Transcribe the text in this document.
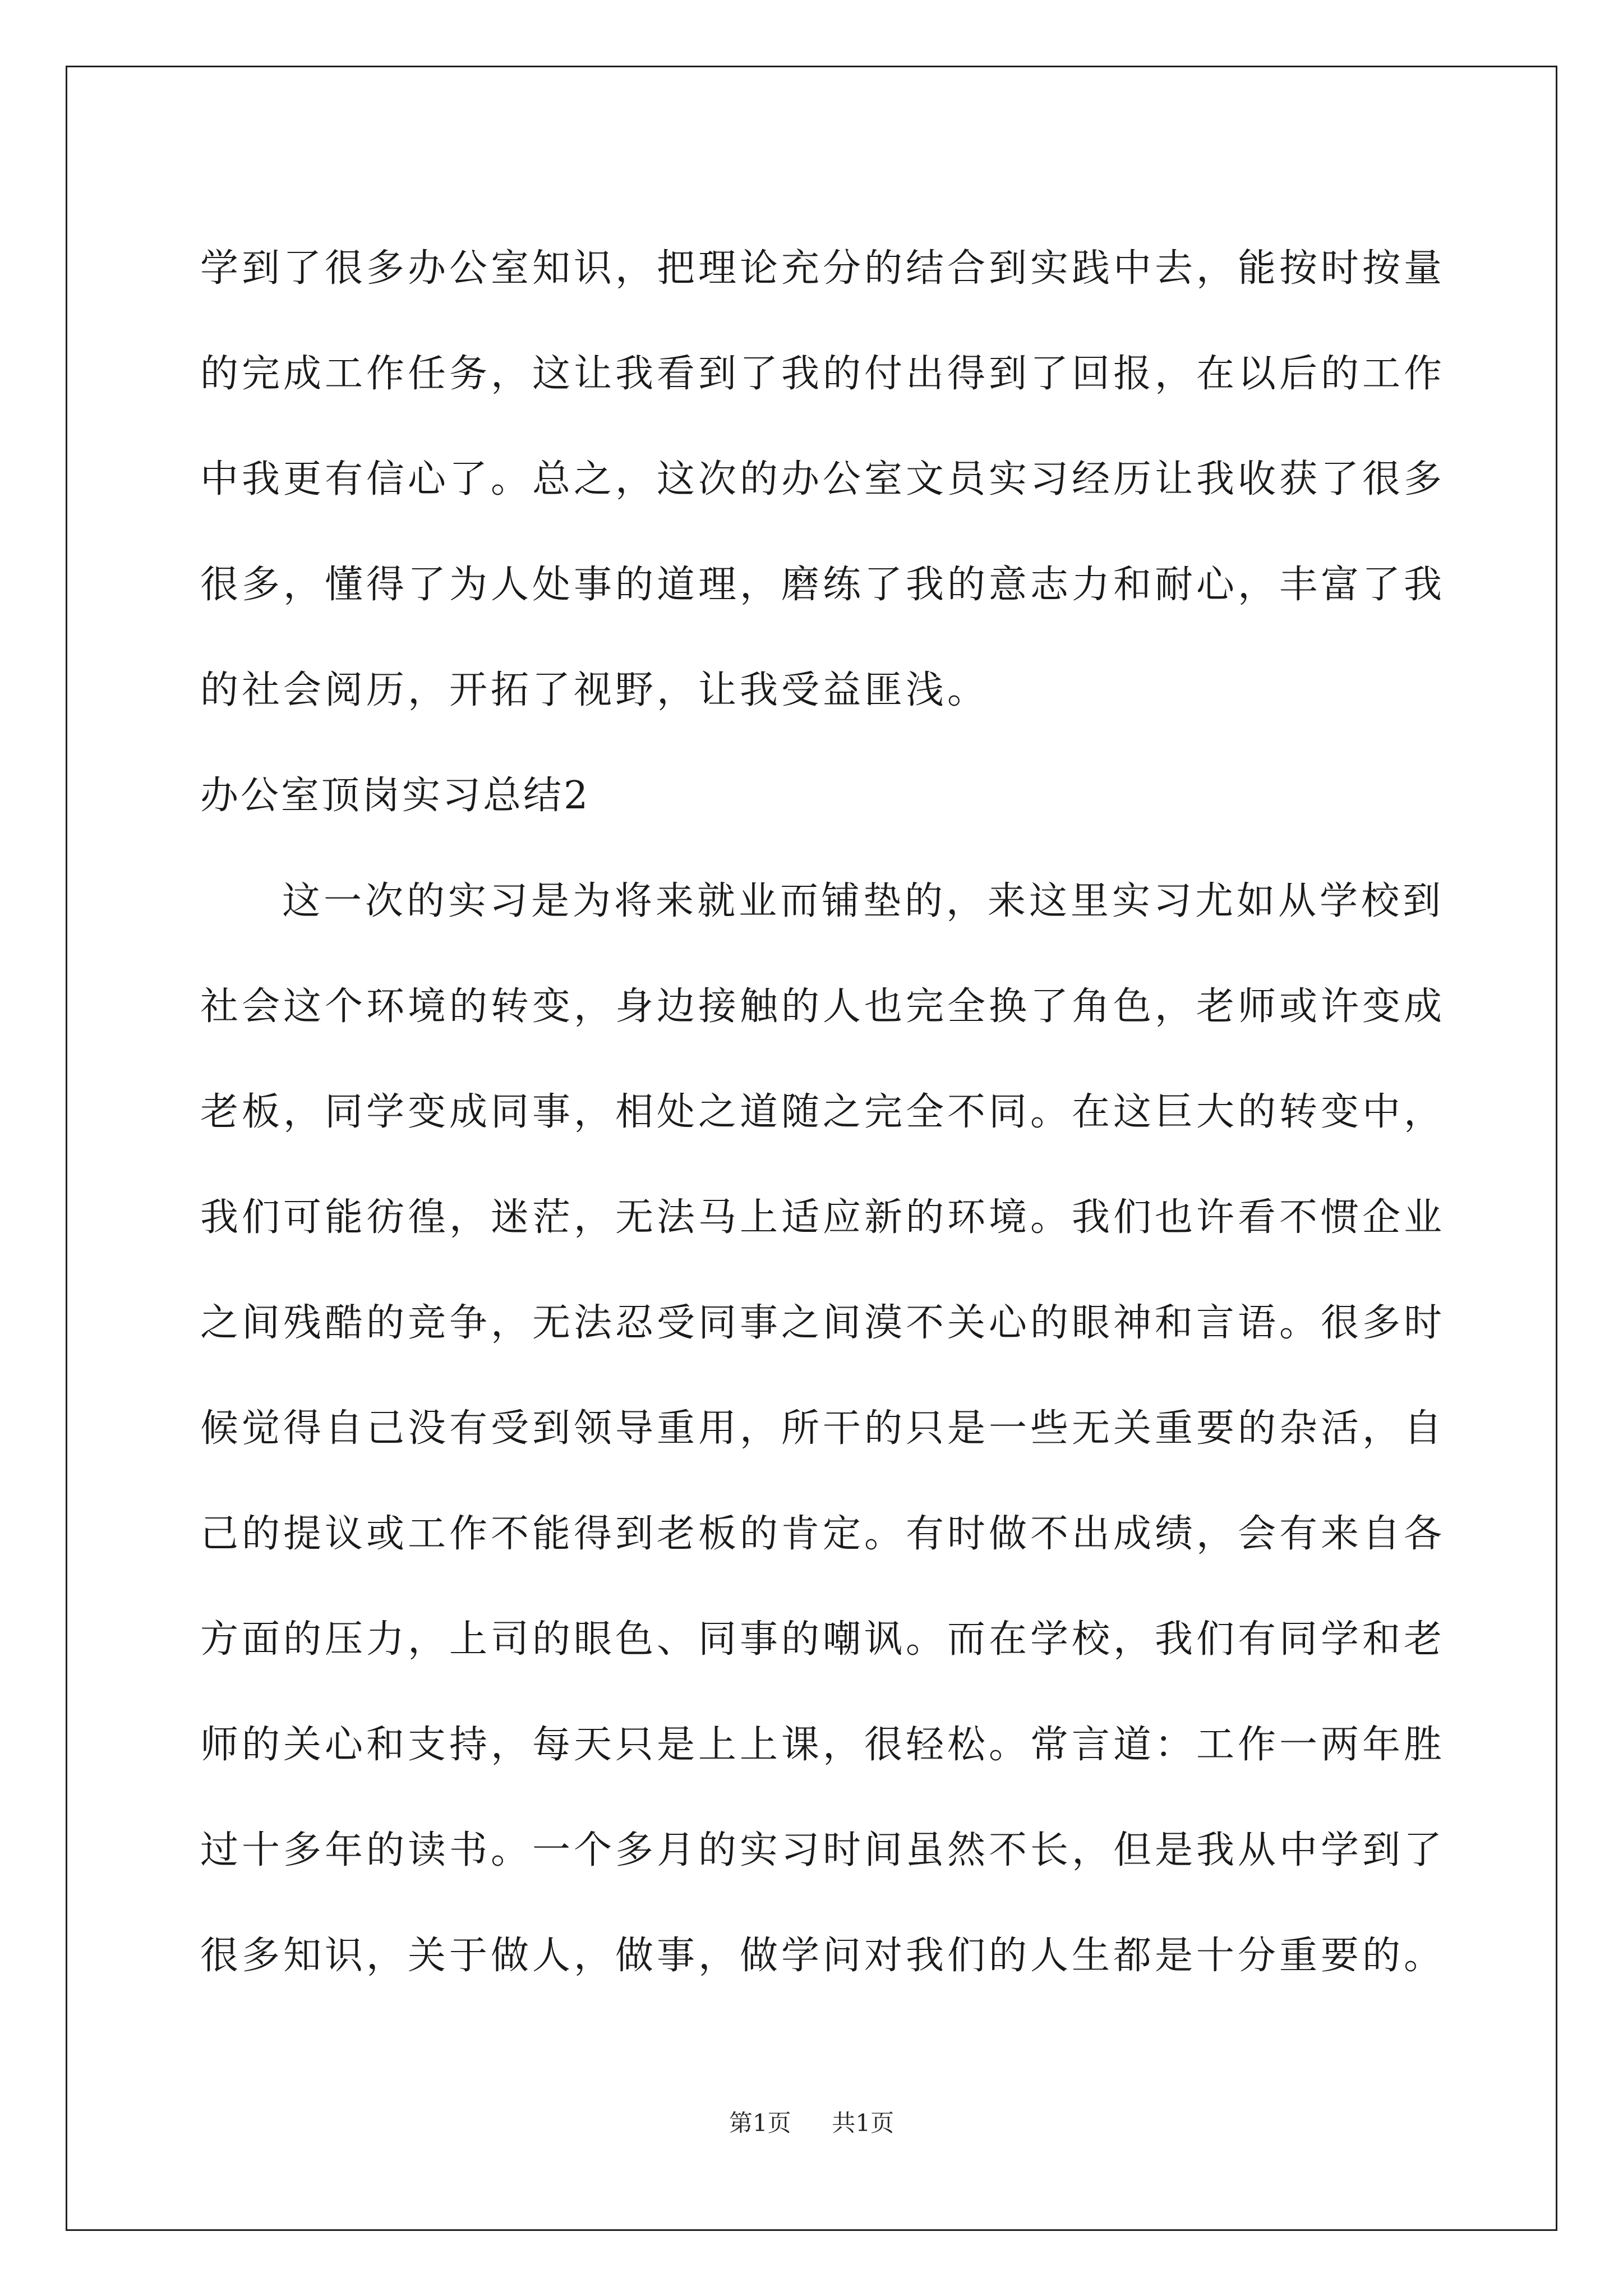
学到了很多办公室知识，把理论充分的结合到实践中去，能按时按量
的完成工作任务，这让我看到了我的付出得到了回报，在以后的工作
中我更有信心了。总之，这次的办公室文员实习经历让我收获了很多
很多，懂得了为人处事的道理，磨练了我的意志力和耐心，丰富了我
的社会阅历，开拓了视野，让我受益匪浅。
办公室顶岗实习总结2
这一次的实习是为将来就业而铺垫的，来这里实习尤如从学校到
社会这个环境的转变，身边接触的人也完全换了角色，老师或许变成
老板，同学变成同事，相处之道随之完全不同。在这巨大的转变中，
我们可能彷徨，迷茫，无法马上适应新的环境。我们也许看不惯企业
之间残酷的竞争，无法忍受同事之间漠不关心的眼神和言语。很多时
候觉得自己没有受到领导重用，所干的只是一些无关重要的杂活，自
己的提议或工作不能得到老板的肯定。有时做不出成绩，会有来自各
方面的压力，上司的眼色、同事的嘲讽。而在学校，我们有同学和老
师的关心和支持，每天只是上上课，很轻松。常言道：工作一两年胜
过十多年的读书。一个多月的实习时间虽然不长，但是我从中学到了
很多知识，关于做人，做事，做学问对我们的人生都是十分重要的。
第1页 共1页
